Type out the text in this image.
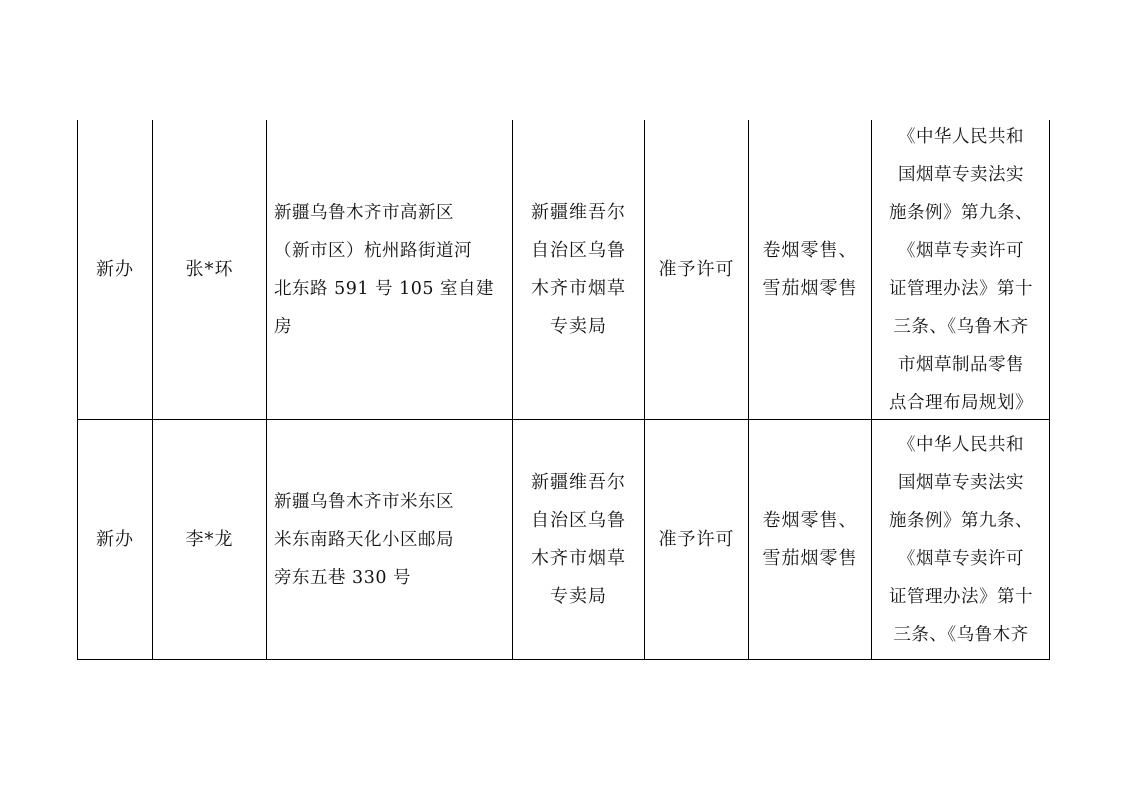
新办	张*环
新疆乌鲁木齐市高新区
（新市区）杭州路街道河
北东路 591 号 105 室自建
房
新疆维吾尔
自治区乌鲁
木齐市烟草
专卖局
准予许可
卷烟零售、
雪茄烟零售
《中华人民共和
国烟草专卖法实
施条例》第九条、
《烟草专卖许可
证管理办法》第十
三条、《乌鲁木齐
市烟草制品零售
点合理布局规划》
新办	李*龙
新疆乌鲁木齐市米东区
米东南路天化小区邮局
旁东五巷 330 号
新疆维吾尔
自治区乌鲁
木齐市烟草
专卖局
准予许可
卷烟零售、
雪茄烟零售
《中华人民共和
国烟草专卖法实
施条例》第九条、
《烟草专卖许可
证管理办法》第十
三条、《乌鲁木齐
